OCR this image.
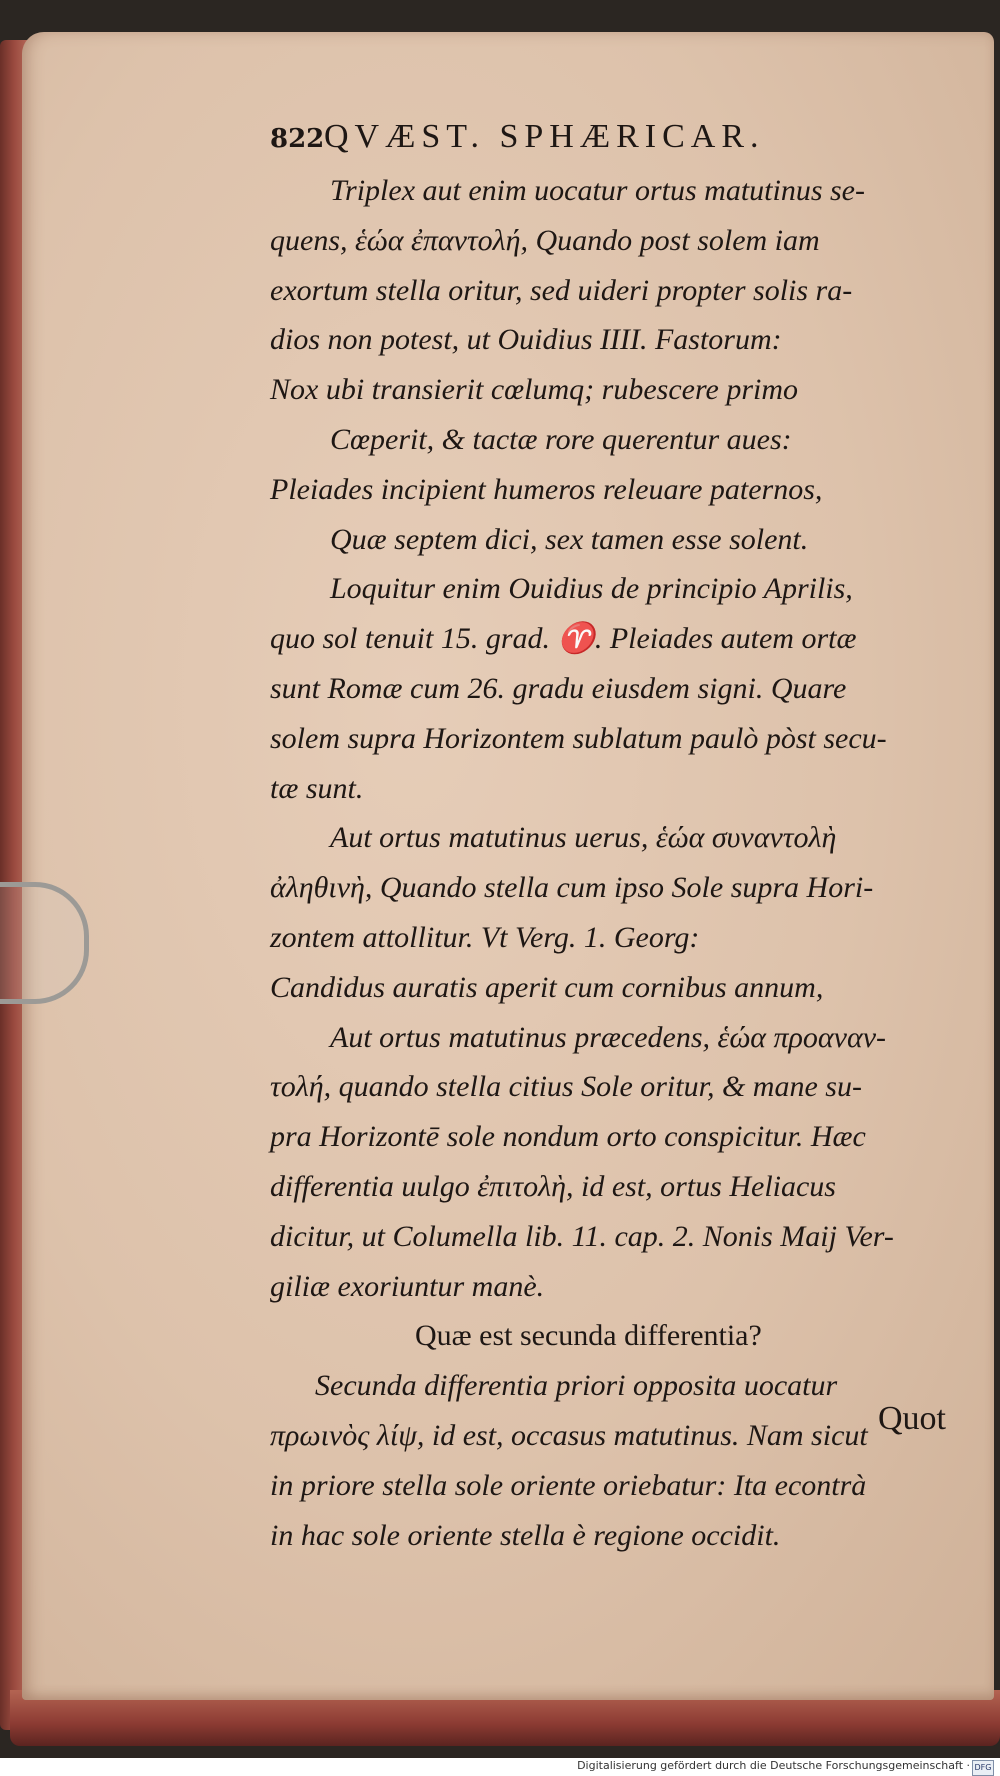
822 QVÆST. SPHÆRICAR.
Triplex aut enim uocatur ortus matutinus se-
quens, ἑώα ἐπαντολή, Quando post solem iam
exortum stella oritur, sed uideri propter solis ra-
dios non potest, ut Ouidius IIII. Fastorum:
Nox ubi transierit cœlumq; rubescere primo
Cœperit, & tactæ rore querentur aues:
Pleiades incipient humeros releuare paternos,
Quæ septem dici, sex tamen esse solent.
Loquitur enim Ouidius de principio Aprilis,
quo sol tenuit 15. grad. ♈. Pleiades autem ortæ
sunt Romæ cum 26. gradu eiusdem signi. Quare
solem supra Horizontem sublatum paulò pòst secu-
tæ sunt.
Aut ortus matutinus uerus, ἑώα συναντολὴ
ἀληθινὴ, Quando stella cum ipso Sole supra Hori-
zontem attollitur. Vt Verg. 1. Georg:
Candidus auratis aperit cum cornibus annum,
Aut ortus matutinus præcedens, ἑώα προαναν-
τολή, quando stella citius Sole oritur, & mane su-
pra Horizontē sole nondum orto conspicitur. Hæc
differentia uulgo ἐπιτολὴ, id est, ortus Heliacus
dicitur, ut Columella lib. 11. cap. 2. Nonis Maij Ver-
giliæ exoriuntur manè.
Quæ est secunda differentia?
Secunda differentia priori opposita uocatur
πρωινὸς λίψ, id est, occasus matutinus. Nam sicut
in priore stella sole oriente oriebatur: Ita econtrà
in hac sole oriente stella è regione occidit.
Quot
Digitalisierung gefördert durch die Deutsche Forschungsgemeinschaft · DFG
